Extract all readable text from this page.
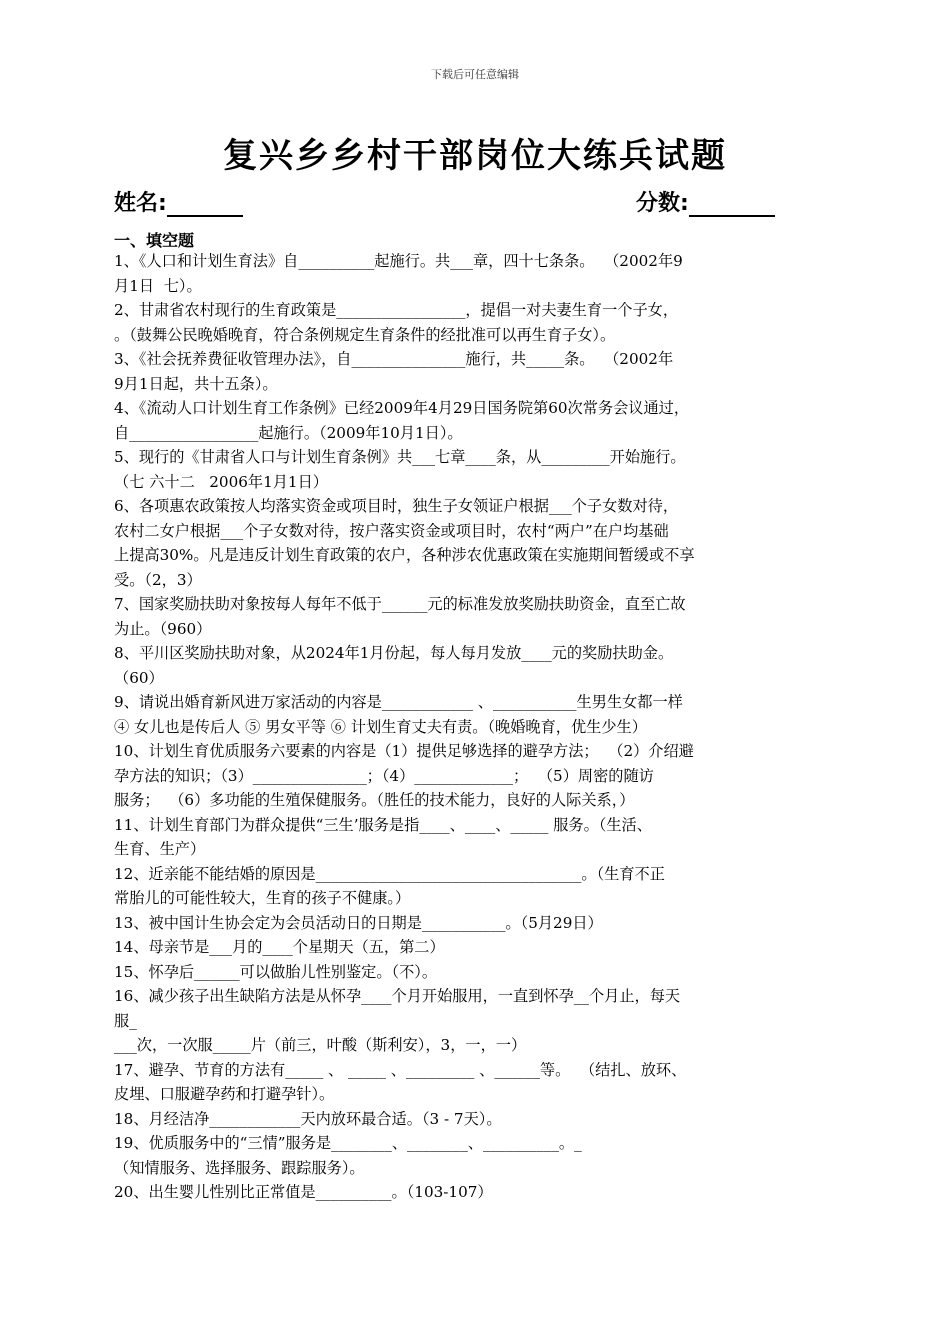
下载后可任意编辑
复兴乡乡村干部岗位大练兵试题
姓名:	分数:
一、填空题
1、《人口和计划生育法》自__________起施行。共___章，四十七条条。  （2002年9
月1日  七）。
2、甘肃省农村现行的生育政策是_________________，提倡一对夫妻生育一个子女，
。（鼓舞公民晚婚晚育，符合条例规定生育条件的经批准可以再生育子女）。
3、《社会抚养费征收管理办法》，自_______________施行，共_____条。  （2002年
9月1日起，共十五条）。
4、《流动人口计划生育工作条例》已经2009年4月29日国务院第60次常务会议通过，
自_________________起施行。（2009年10月1日）。
5、现行的《甘肃省人口与计划生育条例》共___七章____条，从_________开始施行。
（七 六十二   2006年1月1日）
6、各项惠农政策按人均落实资金或项目时，独生子女领证户根据___个子女数对待，
农村二女户根据___个子女数对待，按户落实资金或项目时，农村“两户”在户均基础
上提高30%。凡是违反计划生育政策的农户，各种涉农优惠政策在实施期间暂缓或不享
受。（2，3）
7、国家奖励扶助对象按每人每年不低于______元的标准发放奖励扶助资金，直至亡故
为止。（960）
8、平川区奖励扶助对象，从2024年1月份起，每人每月发放____元的奖励扶助金。
（60）
9、请说出婚育新风进万家活动的内容是____________ 、___________生男生女都一样
④ 女儿也是传后人 ⑤ 男女平等 ⑥ 计划生育丈夫有责。（晚婚晚育，优生少生）
10、计划生育优质服务六要素的内容是（1）提供足够选择的避孕方法；  （2）介绍避
孕方法的知识；（3）_______________；（4）_____________；  （5）周密的随访
服务；  （6）多功能的生殖保健服务。（胜任的技术能力，良好的人际关系，）
11、计划生育部门为群众提供“三生’服务是指____、____、_____ 服务。（生活、
生育、生产）
12、近亲能不能结婚的原因是___________________________________。（生育不正
常胎儿的可能性较大，生育的孩子不健康。）
13、被中国计生协会定为会员活动日的日期是___________。（5月29日）
14、母亲节是___月的____个星期天（五，第二）
15、怀孕后______可以做胎儿性别鉴定。（不）。
16、减少孩子出生缺陷方法是从怀孕____个月开始服用，一直到怀孕__个月止，每天
服_
___次，一次服_____片（前三，叶酸（斯利安），3，一，一）
17、避孕、节育的方法有_____ 、 _____ 、_________ 、______等。  （结扎、放环、
皮埋、口服避孕药和打避孕针）。
18、月经洁净____________天内放环最合适。（3 - 7天）。
19、优质服务中的“三情”服务是________、________、__________。_
（知情服务、选择服务、跟踪服务）。
20、出生婴儿性别比正常值是__________。（103-107）
